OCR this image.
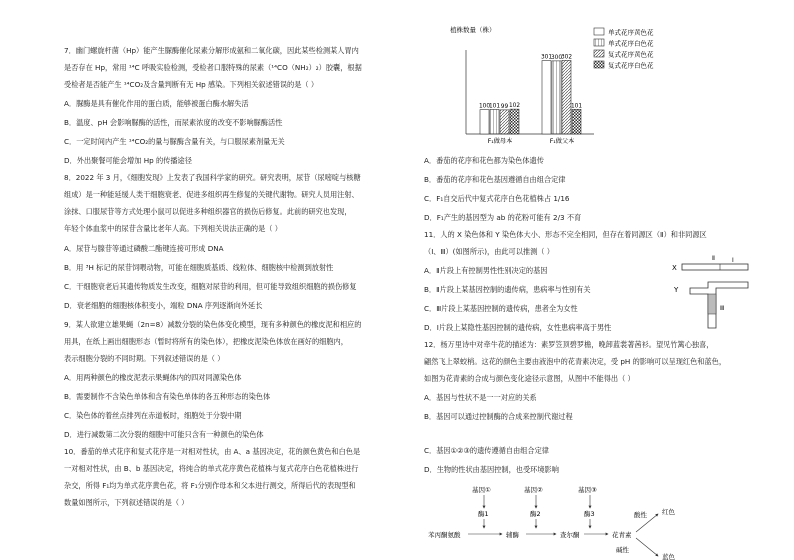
7．幽门螺旋杆菌（Hp）能产生脲酶催化尿素分解形成氨和二氧化碳，因此某些检测某人胃内
是否存在 Hp，常用 ¹⁴C 呼吸实验检测，受检者口服特殊的尿素（¹⁴CO（NH₂）₂）胶囊，根据
受检者是否能产生 ¹⁴CO₂及含量判断有无 Hp 感染。下列相关叙述错误的是（ ）
A．脲酶是具有催化作用的蛋白质，能够被蛋白酶水解失活
B．温度、pH 会影响脲酶的活性，而尿素浓度的改变不影响脲酶活性
C．一定时间内产生 ¹⁴CO₂的量与脲酶含量有关，与口服尿素剂量无关
D．外出聚餐可能会增加 Hp 的传播途径
8．2022 年 3 月，《细胞发现》上发表了我国科学家的研究。研究表明，尿苷（尿嘧啶与核糖
组成）是一种能延缓人类干细胞衰老、促进多组织再生修复的关键代谢物。研究人员用注射、
涂抹、口服尿苷等方式处理小鼠可以促进多种组织器官的损伤后修复。此前的研究也发现，
年轻个体血浆中的尿苷含量比老年人高。下列相关说法正确的是（ ）
A．尿苷与腺苷等通过磷酸二酯键连接可形成 DNA
B．用 ³H 标记的尿苷饲喂动物，可能在细胞质基质、线粒体、细胞核中检测到放射性
C．干细胞衰老后其遗传物质发生改变，细胞对尿苷的利用，但可能导致组织细胞的损伤修复
D．衰老细胞的细胞核体积变小，端粒 DNA 序列逐渐向外延长
9．某人欲建立雄果蝇（2n=8）减数分裂的染色体变化模型，现有多种颜色的橡皮泥和相应的
用具，在纸上画出细胞形态（暂时将所有的染色体），把橡皮泥染色体放在画好的细胞内，
表示细胞分裂的不同时期。下列叙述错误的是（ ）
A．用两种颜色的橡皮泥表示果蝇体内的四对同源染色体
B．需要制作不含染色单体和含有染色单体的各五种形态的染色体
C．染色体的着丝点排列在赤道板时，细胞处于分裂中期
D．进行减数第二次分裂的细胞中可能只含有一种颜色的染色体
10．番茄的单式花序和复式花序是一对相对性状，由 A、a 基因决定，花的颜色黄色和白色是
一对相对性状，由 B、b 基因决定，将纯合的单式花序黄色花植株与复式花序白色花植株进行
杂交，所得 F₁均为单式花序黄色花，将 F₁分别作母本和父本进行测交，所得后代的表现型和
数量如图所示，下列叙述错误的是（ ）
植株数量（株）
100
101 99 102
F₁做母本
301
300
302
101
F₁做父本
单式花序黄色花
单式花序白色花
复式花序黄色花
复式花序白色花
A．番茄的花序和花色都为染色体遗传
B．番茄的花序和花色基因遵循自由组合定律
C．F₁自交后代中复式花序白色花植株占 1/16
D．F₁产生的基因型为 ab 的花粉可能有 2/3 不育
11．人的 X 染色体和 Y 染色体大小、形态不完全相同，但存在着同源区（Ⅱ）和非同源区
（Ⅰ、Ⅲ）(如图所示)，由此可以推测（ ）
A．Ⅱ片段上有控制男性性别决定的基因
B．Ⅱ片段上某基因控制的遗传病，患病率与性别有关
C．Ⅲ片段上某基因控制的遗传病，患者全为女性
D．Ⅰ片段上某隐性基因控制的遗传病，女性患病率高于男性
12．杨万里诗中对牵牛花的描述为：素罗笠顶碧罗檐，晚卸蓝裳著茜衫。望见竹篱心独喜，
翩然飞上翠蛟梢。这花的颜色主要由液泡中的花青素决定，受 pH 的影响可以呈现红色和蓝色，
如图为花青素的合成与颜色变化途径示意图，从图中不能得出（ ）
A．基因与性状不是一一对应的关系
B．基因可以通过控制酶的合成来控制代谢过程
C．基因①②③的遗传遵循自由组合定律
D．生物的性状由基因控制，也受环境影响
X
Y
Ⅰ
Ⅱ
Ⅲ
基因①	基因②	基因③
酶1	酶2	酶3
苯丙酮氨酸	辅酶	查尔酮	花青素
酸性 红色
碱性
蓝色
